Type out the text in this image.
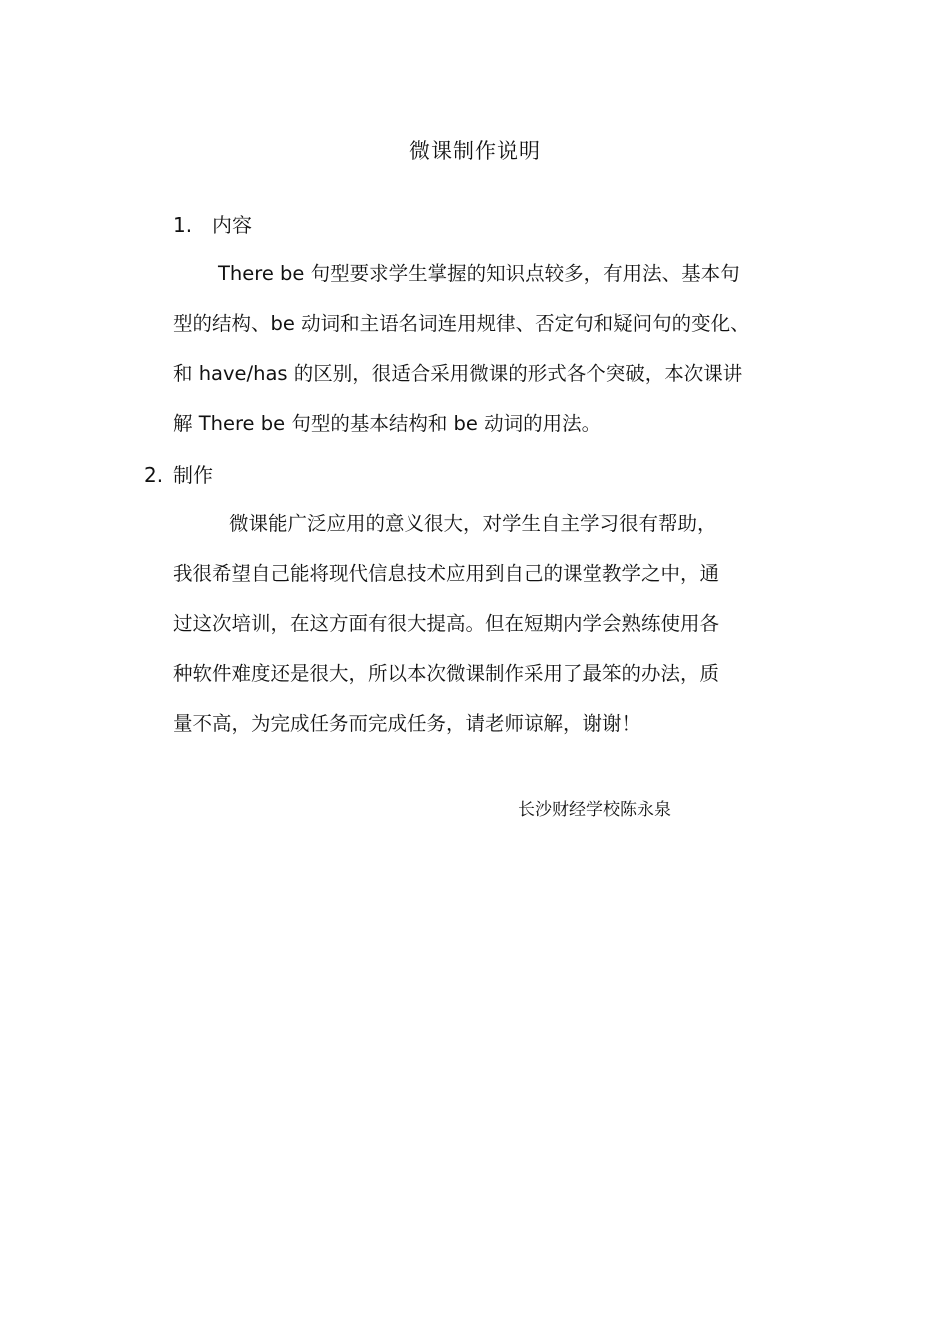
微课制作说明
1. 内容
There be 句型要求学生掌握的知识点较多，有用法、基本句
型的结构、be 动词和主语名词连用规律、否定句和疑问句的变化、
和 have/has 的区别，很适合采用微课的形式各个突破，本次课讲
解 There be 句型的基本结构和 be 动词的用法。
2. 制作
微课能广泛应用的意义很大，对学生自主学习很有帮助，
我很希望自己能将现代信息技术应用到自己的课堂教学之中，通
过这次培训，在这方面有很大提高。但在短期内学会熟练使用各
种软件难度还是很大，所以本次微课制作采用了最笨的办法，质
量不高，为完成任务而完成任务，请老师谅解，谢谢！
长沙财经学校陈永泉
